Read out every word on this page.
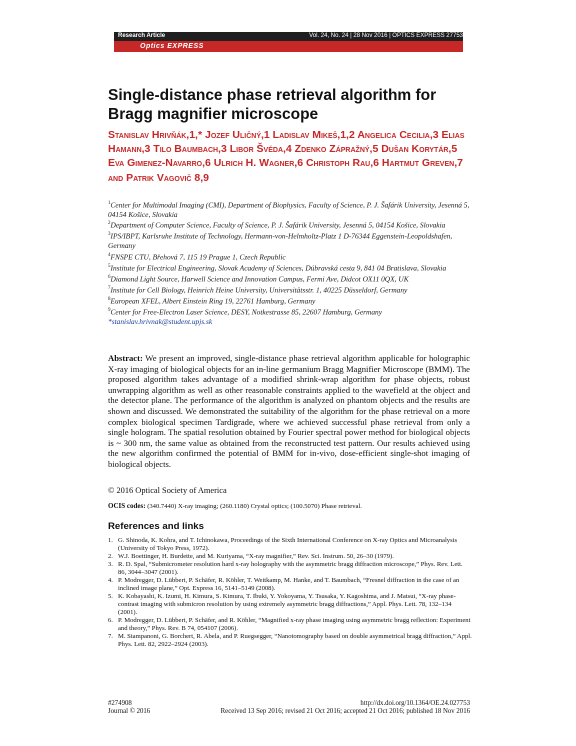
Research Article
Optics EXPRESS
Vol. 24, No. 24 | 28 Nov 2016 | OPTICS EXPRESS 27753
Single-distance phase retrieval algorithm for Bragg magnifier microscope
Stanislav Hrivňák,1,* Jozef Uličný,1 Ladislav Mikeš,1,2 Angelica Cecilia,3 Elias Hamann,3 Tilo Baumbach,3 Libor Švéda,4 Zdenko Zápražný,5 Dušan Korytár,5 Eva Gimenez-Navarro,6 Ulrich H. Wagner,6 Christoph Rau,6 Hartmut Greven,7 and Patrik Vagovič 8,9
$^1$Center for Multimodal Imaging (CMI), Department of Biophysics, Faculty of Science, P. J. Šafárik University, Jesenná 5, 04154 Košice, Slovakia
$^2$Department of Computer Science, Faculty of Science, P. J. Šafárik University, Jesenná 5, 04154 Košice, Slovakia
$^3$IPS/IBPT, Karlsruhe Institute of Technology, Hermann-von-Helmholtz-Platz 1 D-76344 Eggenstein-Leopoldshafen, Germany
$^4$FNSPE CTU, Břehová 7, 115 19 Prague 1, Czech Republic
$^5$Institute for Electrical Engineering, Slovak Academy of Sciences, Dúbravská cesta 9, 841 04 Bratislava, Slovakia
$^6$Diamond Light Source, Harwell Science and Innovation Campus, Fermi Ave, Didcot OX11 0QX, UK
$^7$Institute for Cell Biology, Heinrich Heine University, Universitätsstr. 1, 40225 Düsseldorf, Germany
$^8$European XFEL, Albert Einstein Ring 19, 22761 Hamburg, Germany
$^9$Center for Free-Electron Laser Science, DESY, Notkestrasse 85, 22607 Hamburg, Germany
*stanislav.hrivnak@student.upjs.sk
Abstract: We present an improved, single-distance phase retrieval algorithm applicable for holographic X-ray imaging of biological objects for an in-line germanium Bragg Magnifier Microscope (BMM). The proposed algorithm takes advantage of a modified shrink-wrap algorithm for phase objects, robust unwrapping algorithm as well as other reasonable constraints applied to the wavefield at the object and the detector plane. The performance of the algorithm is analyzed on phantom objects and the results are shown and discussed. We demonstrated the suitability of the algorithm for the phase retrieval on a more complex biological specimen Tardigrade, where we achieved successful phase retrieval from only a single hologram. The spatial resolution obtained by Fourier spectral power method for biological objects is ~ 300 nm, the same value as obtained from the reconstructed test pattern. Our results achieved using the new algorithm confirmed the potential of BMM for in-vivo, dose-efficient single-shot imaging of biological objects.
© 2016 Optical Society of America
OCIS codes: (340.7440) X-ray imaging; (260.1180) Crystal optics; (100.5070) Phase retrieval.
References and links
1. G. Shinoda, K. Kohra, and T. Ichinokawa, Proceedings of the Sixth International Conference on X-ray Optics and Microanalysis (University of Tokyo Press, 1972).
2. W.J. Boettinger, H. Burdette, and M. Kuriyama, “X-ray magnifier,” Rev. Sci. Instrum. 50, 26–30 (1979).
3. R. D. Spal, “Submicrometer resolution hard x-ray holography with the asymmetric bragg diffraction microscope,” Phys. Rev. Lett. 86, 3044–3047 (2001).
4. P. Modregger, D. Lübbert, P. Schäfer, R. Köhler, T. Weitkamp, M. Hanke, and T. Baumbach, “Fresnel diffraction in the case of an inclined image plane,” Opt. Express 16, 5141–5149 (2008).
5. K. Kobayashi, K. Izumi, H. Kimura, S. Kimura, T. Ibuki, Y. Yokoyama, Y. Tsusaka, Y. Kagoshima, and J. Matsui, “X-ray phase-contrast imaging with submicron resolution by using extremely asymmetric bragg diffractions,” Appl. Phys. Lett. 78, 132–134 (2001).
6. P. Modregger, D. Lübbert, P. Schäfer, and R. Köhler, “Magnified x-ray phase imaging using asymmetric bragg reflection: Experiment and theory,” Phys. Rev. B 74, 054107 (2006).
7. M. Stampanoni, G. Borchert, R. Abela, and P. Ruegsegger, “Nanotomography based on double asymmetrical bragg diffraction,” Appl. Phys. Lett. 82, 2922–2924 (2003).
#274908
Journal © 2016
http://dx.doi.org/10.1364/OE.24.027753
Received 13 Sep 2016; revised 21 Oct 2016; accepted 21 Oct 2016; published 18 Nov 2016
